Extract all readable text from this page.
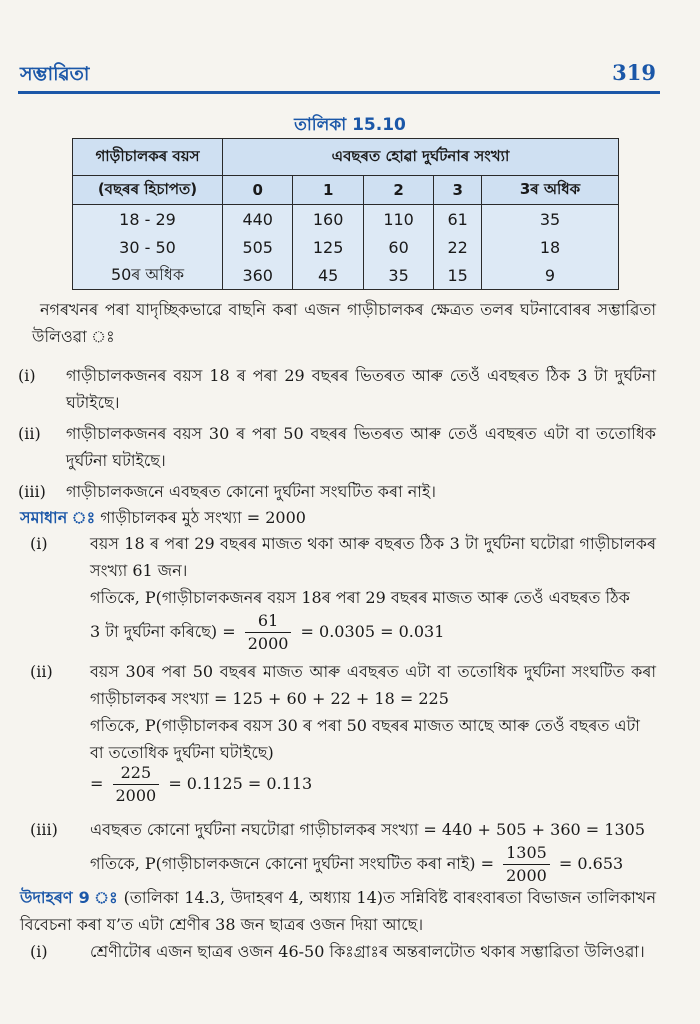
সম্ভাৱিতা	319
তালিকা 15.10
গাড়ীচালকৰ বয়স	এবছৰত হোৱা দুৰ্ঘটনাৰ সংখ্যা				
(বছৰৰ হিচাপত)	0	1	2	3	3ৰ অধিক
18 - 29	440	160	110	61	35
30 - 50	505	125	60	22	18
50ৰ অধিক	360	45	35	15	9
নগৰখনৰ পৰা যাদৃচ্ছিকভাৱে বাছনি কৰা এজন গাড়ীচালকৰ ক্ষেত্ৰত তলৰ ঘটনাবোৰৰ সম্ভাৱিতা উলিওৱা ঃ
(i) গাড়ীচালকজনৰ বয়স 18 ৰ পৰা 29 বছৰৰ ভিতৰত আৰু তেওঁ এবছৰত ঠিক 3 টা দুৰ্ঘটনা ঘটাইছে।
(ii) গাড়ীচালকজনৰ বয়স 30 ৰ পৰা 50 বছৰৰ ভিতৰত আৰু তেওঁ এবছৰত এটা বা ততোধিক দুৰ্ঘটনা ঘটাইছে।
(iii) গাড়ীচালকজনে এবছৰত কোনো দুৰ্ঘটনা সংঘটিত কৰা নাই।
সমাধান ঃ গাড়ীচালকৰ মুঠ সংখ্যা = 2000
(i)	বয়স 18 ৰ পৰা 29 বছৰৰ মাজত থকা আৰু বছৰত ঠিক 3 টা দুৰ্ঘটনা ঘটোৱা গাড়ীচালকৰ সংখ্যা 61 জন।
গতিকে, P(গাড়ীচালকজনৰ বয়স 18ৰ পৰা 29 বছৰৰ মাজত আৰু তেওঁ এবছৰত ঠিক
3 টা দুৰ্ঘটনা কৰিছে) = $\frac{61}{2000} = 0.0305 = 0.031$
(ii) বয়স 30ৰ পৰা 50 বছৰৰ মাজত আৰু এবছৰত এটা বা ততোধিক দুৰ্ঘটনা সংঘটিত কৰা গাড়ীচালকৰ সংখ্যা = 125 + 60 + 22 + 18 = 225
গতিকে, P(গাড়ীচালকৰ বয়স 30 ৰ পৰা 50 বছৰৰ মাজত আছে আৰু তেওঁ বছৰত এটা বা ততোধিক দুৰ্ঘটনা ঘটাইছে)
= $\frac{225}{2000} = 0.1125 = 0.113$
(iii) এবছৰত কোনো দুৰ্ঘটনা নঘটোৱা গাড়ীচালকৰ সংখ্যা = 440 + 505 + 360 = 1305
গতিকে, P(গাড়ীচালকজনে কোনো দুৰ্ঘটনা সংঘটিত কৰা নাই) = $\frac{1305}{2000} = 0.653$
উদাহৰণ 9 ঃ (তালিকা 14.3, উদাহৰণ 4, অধ্যায় 14)ত সন্নিবিষ্ট বাৰংবাৰতা বিভাজন তালিকাখন বিবেচনা কৰা য’ত এটা শ্ৰেণীৰ 38 জন ছাত্ৰৰ ওজন দিয়া আছে।
(i)	শ্ৰেণীটোৰ এজন ছাত্ৰৰ ওজন 46-50 কিঃগ্ৰাঃৰ অন্তৰালটোত থকাৰ সম্ভাৱিতা উলিওৱা।
